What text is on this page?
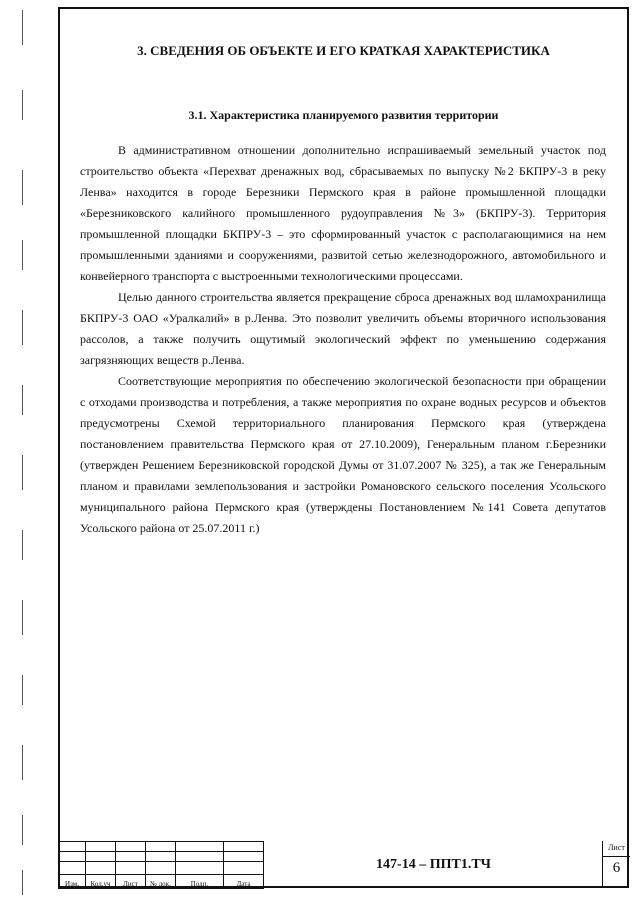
3. СВЕДЕНИЯ ОБ ОБЪЕКТЕ И ЕГО КРАТКАЯ ХАРАКТЕРИСТИКА
3.1. Характеристика планируемого развития территории

В административном отношении дополнительно испрашиваемый земельный участок под строительство объекта «Перехват дренажных вод, сбрасываемых по выпуску №2 БКПРУ-3 в реку Ленва» находится в городе Березники Пермского края в районе промышленной площадки «Березниковского калийного промышленного рудоуправления №3» (БКПРУ-3). Территория промышленной площадки БКПРУ-3 – это сформированный участок с располагающимися на нем промышленными зданиями и сооружениями, развитой сетью железнодорожного, автомобильного и конвейерного транспорта с выстроенными технологическими процессами.

Целью данного строительства является прекращение сброса дренажных вод шламохранилища БКПРУ-3 ОАО «Уралкалий» в р.Ленва. Это позволит увеличить объемы вторичного использования рассолов, а также получить ощутимый экологический эффект по уменьшению содержания загрязняющих веществ р.Ленва.

Соответствующие мероприятия по обеспечению экологической безопасности при обращении с отходами производства и потребления, а также мероприятия по охране водных ресурсов и объектов предусмотрены Схемой территориального планирования Пермского края (утверждена постановлением правительства Пермского края от 27.10.2009), Генеральным планом г.Березники (утвержден Решением Березниковской городской Думы от 31.07.2007 № 325), а так же Генеральным планом и правилами землепользования и застройки Романовского сельского поселения Усольского муниципального района Пермского края (утверждены Постановлением №141 Совета депутатов Усольского района от 25.07.2011 г.)

Изм.	Кол.уч	Лист	№ док.	Подп.	Дата
147-14 – ППТ1.ТЧ
Лист
6
